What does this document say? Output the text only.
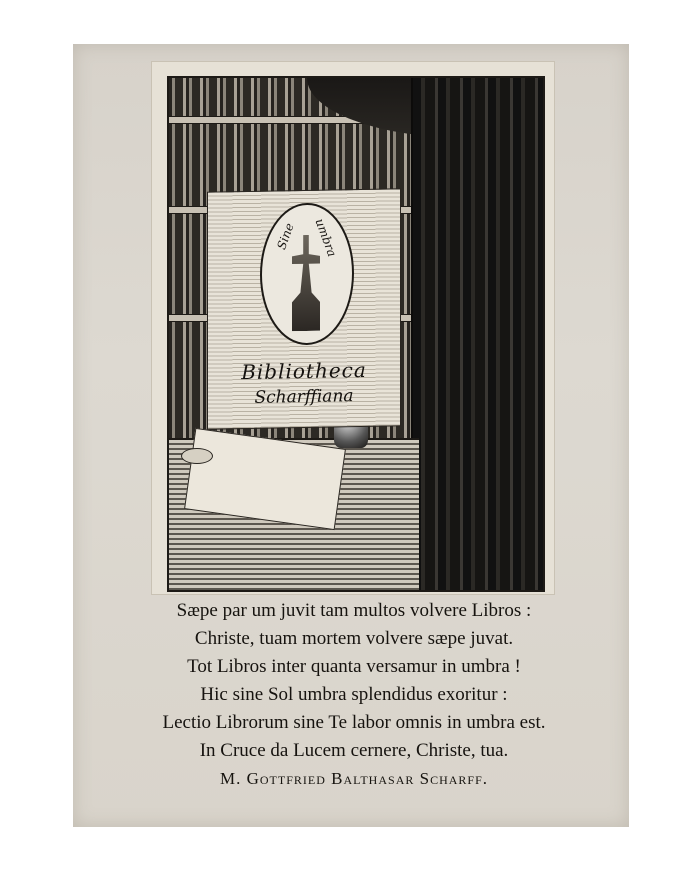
Sine umbra
Bibliotheca
Scharffiana
Sæpe par um juvit tam multos volvere Libros :
Christe, tuam mortem volvere sæpe juvat.
Tot Libros inter quanta versamur in umbra !
Hic sine Sol umbra splendidus exoritur :
Lectio Librorum sine Te labor omnis in umbra est.
In Cruce da Lucem cernere, Christe, tua.
M. Gottfried Balthasar Scharff.
